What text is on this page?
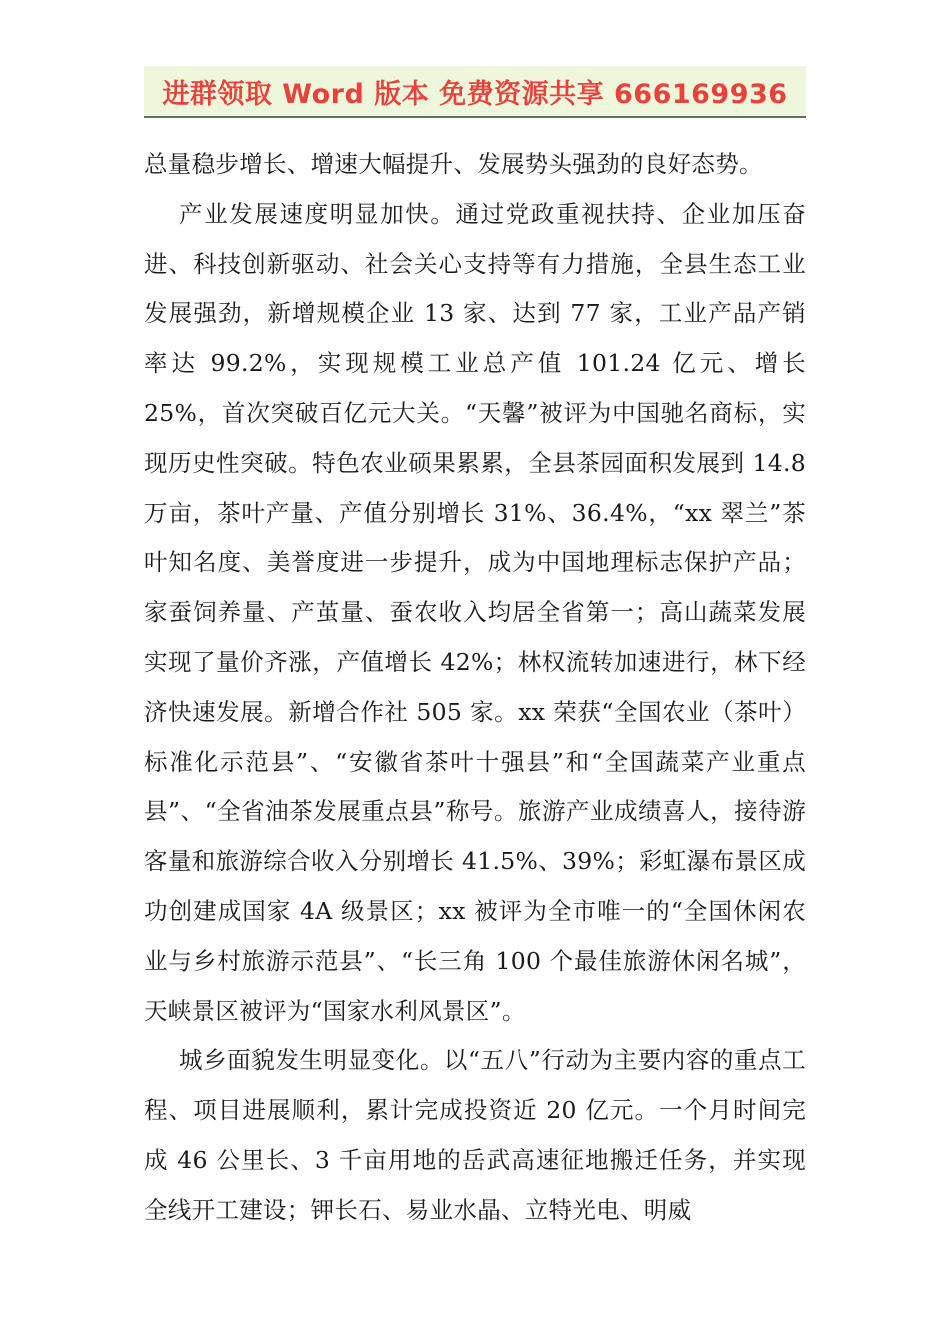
进群领取 Word 版本 免费资源共享 666169936

总量稳步增长、增速大幅提升、发展势头强劲的良好态势。

产业发展速度明显加快。通过党政重视扶持、企业加压奋进、科技创新驱动、社会关心支持等有力措施，全县生态工业发展强劲，新增规模企业 13 家、达到 77 家，工业产品产销率达 99.2%，实现规模工业总产值 101.24 亿元、增长 25%，首次突破百亿元大关。“天馨”被评为中国驰名商标，实现历史性突破。特色农业硕果累累，全县茶园面积发展到 14.8 万亩，茶叶产量、产值分别增长 31%、36.4%，“xx 翠兰”茶叶知名度、美誉度进一步提升，成为中国地理标志保护产品；家蚕饲养量、产茧量、蚕农收入均居全省第一；高山蔬菜发展实现了量价齐涨，产值增长 42%；林权流转加速进行，林下经济快速发展。新增合作社 505 家。xx 荣获“全国农业（茶叶）标准化示范县”、“安徽省茶叶十强县”和“全国蔬菜产业重点县”、“全省油茶发展重点县”称号。旅游产业成绩喜人，接待游客量和旅游综合收入分别增长 41.5%、39%；彩虹瀑布景区成功创建成国家 4A 级景区；xx 被评为全市唯一的“全国休闲农业与乡村旅游示范县”、“长三角 100 个最佳旅游休闲名城”，天峡景区被评为“国家水利风景区”。

城乡面貌发生明显变化。以“五八”行动为主要内容的重点工程、项目进展顺利，累计完成投资近 20 亿元。一个月时间完成 46 公里长、3 千亩用地的岳武高速征地搬迁任务，并实现全线开工建设；钾长石、易业水晶、立特光电、明威
